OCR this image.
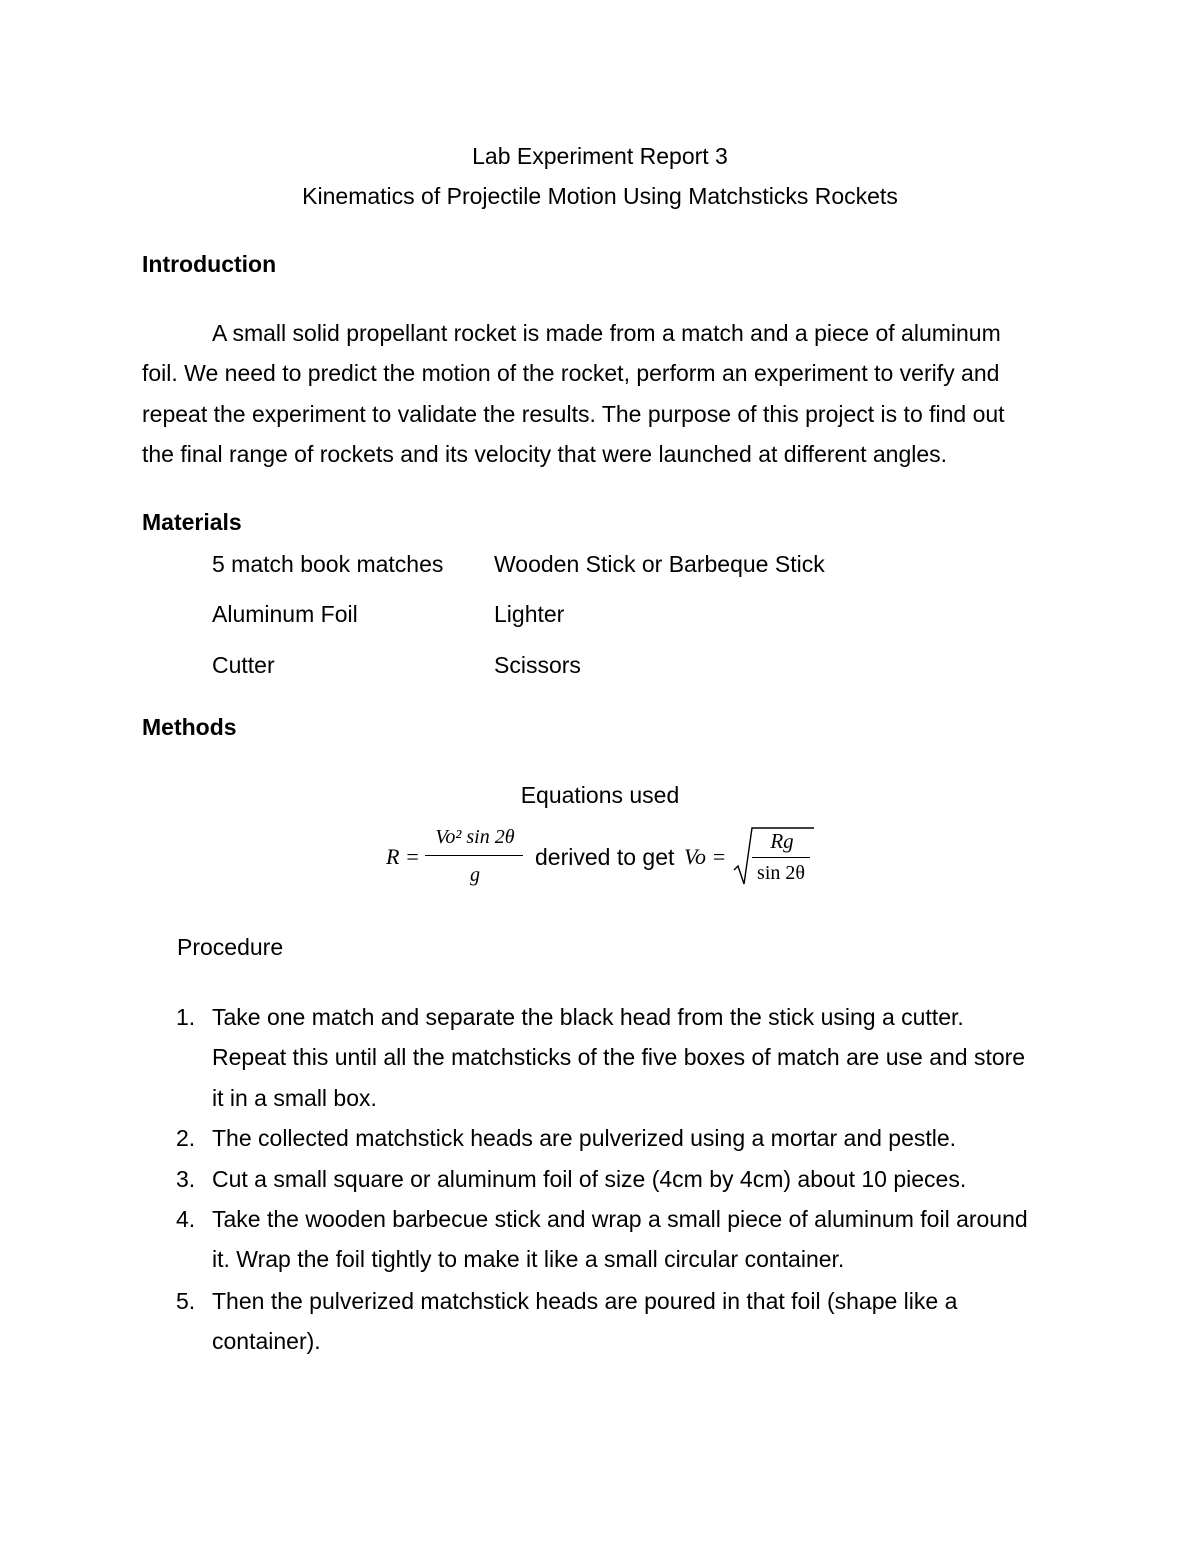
Lab Experiment Report 3
Kinematics of Projectile Motion Using Matchsticks Rockets
Introduction
A small solid propellant rocket is made from a match and a piece of aluminum
foil. We need to predict the motion of the rocket, perform an experiment to verify and
repeat the experiment to validate the results. The purpose of this project is to find out
the final range of rockets and its velocity that were launched at different angles.
Materials
5 match book matches Wooden Stick or Barbeque Stick
Aluminum Foil	Lighter
Cutter	Scissors
Methods
Equations used
R =
Vo² sin 2θ
g
derived to get Vo =
Rg
sin 2θ
Procedure
1. Take one match and separate the black head from the stick using a cutter.
Repeat this until all the matchsticks of the five boxes of match are use and store
it in a small box.
2. The collected matchstick heads are pulverized using a mortar and pestle.
3. Cut a small square or aluminum foil of size (4cm by 4cm) about 10 pieces.
4. Take the wooden barbecue stick and wrap a small piece of aluminum foil around
it. Wrap the foil tightly to make it like a small circular container.
5. Then the pulverized matchstick heads are poured in that foil (shape like a
container).
